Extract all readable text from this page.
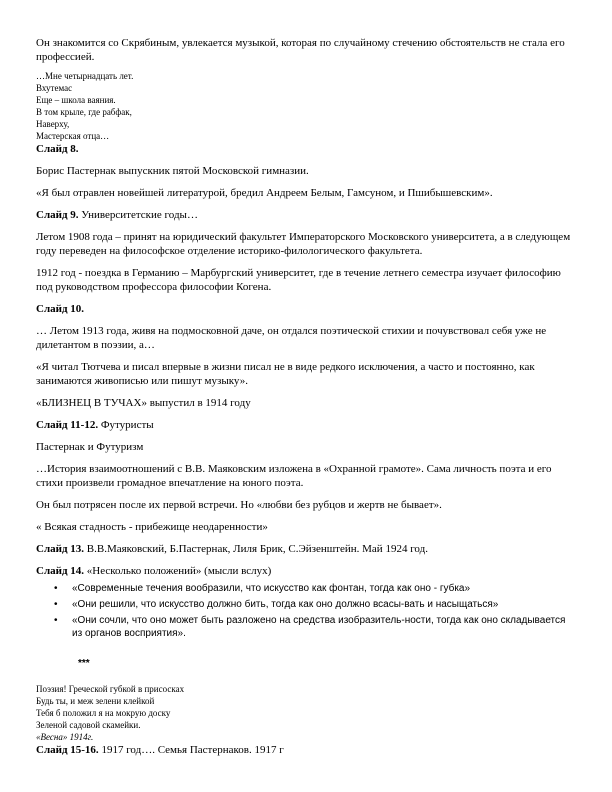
Он знакомится со Скрябиным, увлекается музыкой, которая по случайному стечению обстоятельств не стала его профессией.

…Мне четырнадцать лет.
Вхутемас
Еще – школа ваяния.
В том крыле, где рабфак,
Наверху,
Мастерская отца…

Слайд 8.

Борис Пастернак выпускник пятой Московской гимназии.

«Я был отравлен новейшей литературой, бредил Андреем Белым, Гамсуном, и Пшибышевским».

Слайд 9. Университетские годы…

Летом 1908 года – принят на юридический факультет Императорского Московского университета, а в следующем году переведен на философское отделение историко-филологического факультета.

1912 год - поездка в Германию – Марбургский университет, где в течение летнего семестра изучает философию под руководством профессора философии Когена.

Слайд 10.

… Летом 1913 года, живя на подмосковной даче, он отдался поэтической стихии и почувствовал себя уже не дилетантом в поэзии, а…

«Я читал Тютчева и писал впервые в жизни писал не в виде редкого исключения, а часто и постоянно, как занимаются живописью или пишут музыку».

«БЛИЗНЕЦ В ТУЧАХ» выпустил в 1914 году

Слайд 11-12. Футуристы

Пастернак и Футуризм

…История взаимоотношений с В.В. Маяковским изложена в «Охранной грамоте». Сама личность поэта и его стихи произвели громадное впечатление на юного поэта.

Он был потрясен после их первой встречи. Но «любви без рубцов и жертв не бывает».

« Всякая стадность - прибежище неодаренности»

Слайд 13. В.В.Маяковский, Б.Пастернак, Лиля Брик, С.Эйзенштейн. Май 1924 год.

Слайд 14. «Несколько положений» (мысли вслух)

• «Современные течения вообразили, что искусство как фонтан, тогда как оно - губка»
• «Они решили, что искусство должно бить, тогда как оно должно всасы-вать и насыщаться»
• «Они сочли, что оно может быть разложено на средства изобразитель-ности, тогда как оно складывается из органов восприятия».
***
Поэзия! Греческой губкой в присосках
Будь ты, и меж зелени клейкой
Тебя б положил я на мокрую доску
Зеленой садовой скамейки.
«Весна» 1914г.

Слайд 15-16. 1917 год…. Семья Пастернаков. 1917 г
